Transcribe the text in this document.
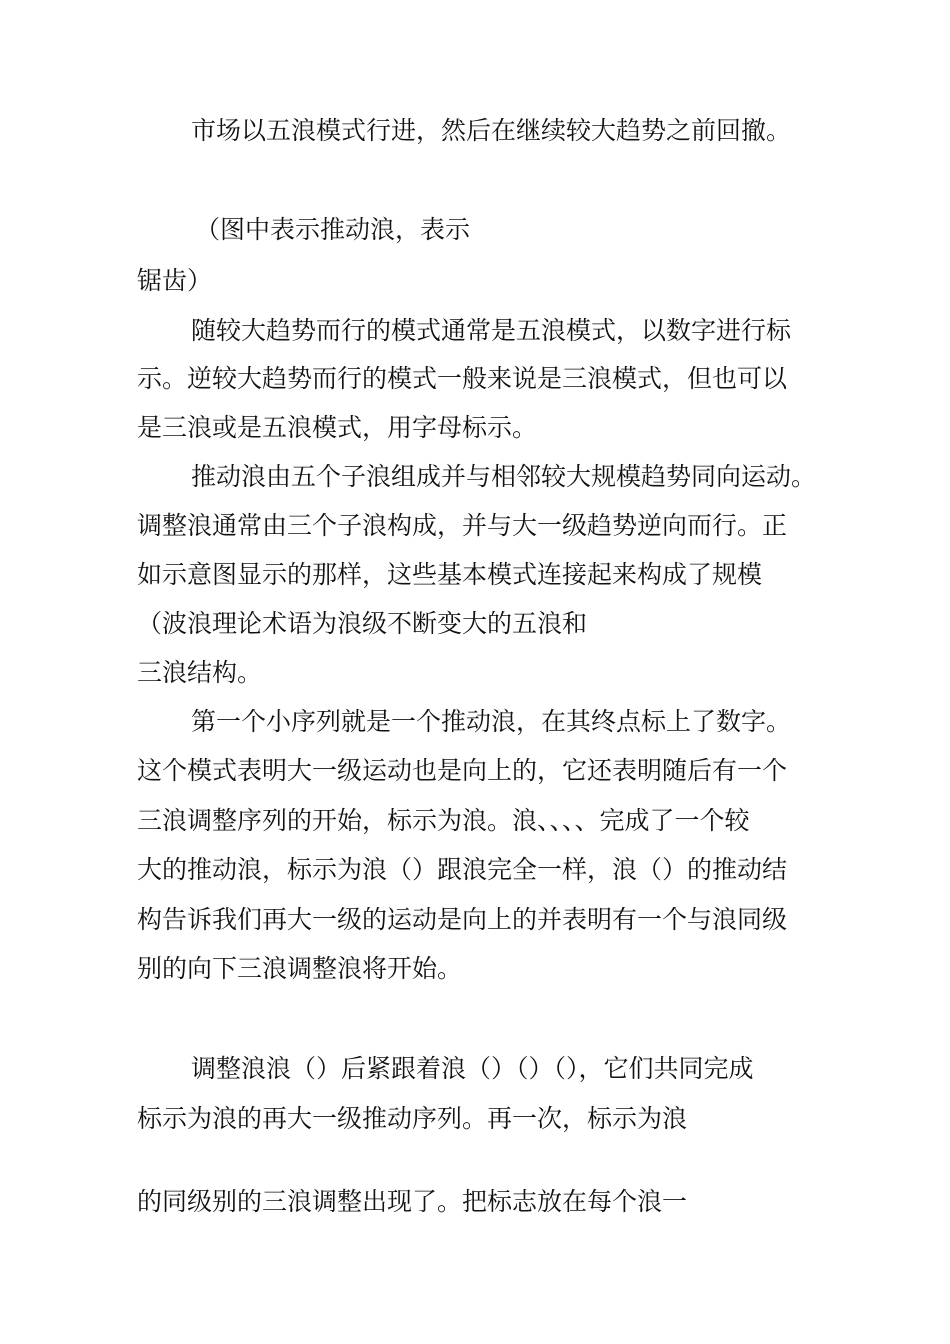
市场以五浪模式行进，然后在继续较大趋势之前回撤。
（图中表示推动浪，表示
锯齿）
随较大趋势而行的模式通常是五浪模式，以数字进行标
示。逆较大趋势而行的模式一般来说是三浪模式，但也可以
是三浪或是五浪模式，用字母标示。
推动浪由五个子浪组成并与相邻较大规模趋势同向运动。
调整浪通常由三个子浪构成，并与大一级趋势逆向而行。正
如示意图显示的那样，这些基本模式连接起来构成了规模
（波浪理论术语为浪级不断变大的五浪和
三浪结构。
第一个小序列就是一个推动浪，在其终点标上了数字。
这个模式表明大一级运动也是向上的，它还表明随后有一个
三浪调整序列的开始，标示为浪。浪、、、、完成了一个较
大的推动浪，标示为浪（）跟浪完全一样，浪（）的推动结
构告诉我们再大一级的运动是向上的并表明有一个与浪同级
别的向下三浪调整浪将开始。
调整浪浪（）后紧跟着浪（）（）（），它们共同完成
标示为浪的再大一级推动序列。再一次，标示为浪
的同级别的三浪调整出现了。把标志放在每个浪一
